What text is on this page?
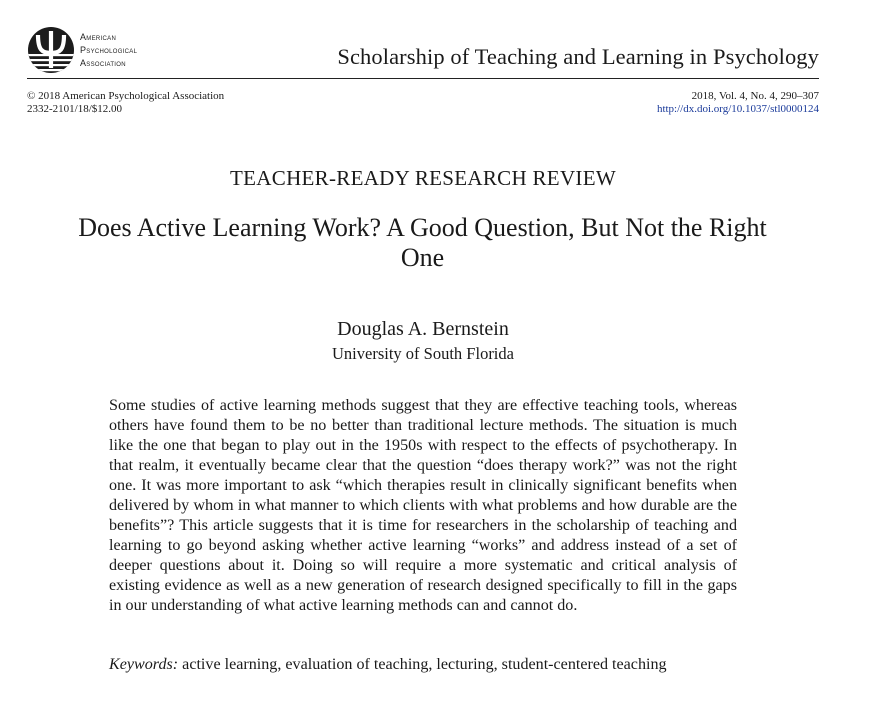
American
Psychological
Association	Scholarship of Teaching and Learning in Psychology
© 2018 American Psychological Association
2332-2101/18/$12.00
2018, Vol. 4, No. 4, 290–307
http://dx.doi.org/10.1037/stl0000124
TEACHER-READY RESEARCH REVIEW
Does Active Learning Work? A Good Question, But Not the Right One
Douglas A. Bernstein
University of South Florida

Some studies of active learning methods suggest that they are effective teaching tools, whereas others have found them to be no better than traditional lecture methods. The situation is much like the one that began to play out in the 1950s with respect to the effects of psychotherapy. In that realm, it eventually became clear that the question “does therapy work?” was not the right one. It was more important to ask “which therapies result in clinically significant benefits when delivered by whom in what manner to which clients with what problems and how durable are the benefits”? This article suggests that it is time for researchers in the scholarship of teaching and learning to go beyond asking whether active learning “works” and address instead of a set of deeper questions about it. Doing so will require a more systematic and critical analysis of existing evidence as well as a new generation of research designed specifically to fill in the gaps in our understanding of what active learning methods can and cannot do.

Keywords: active learning, evaluation of teaching, lecturing, student-centered teaching
